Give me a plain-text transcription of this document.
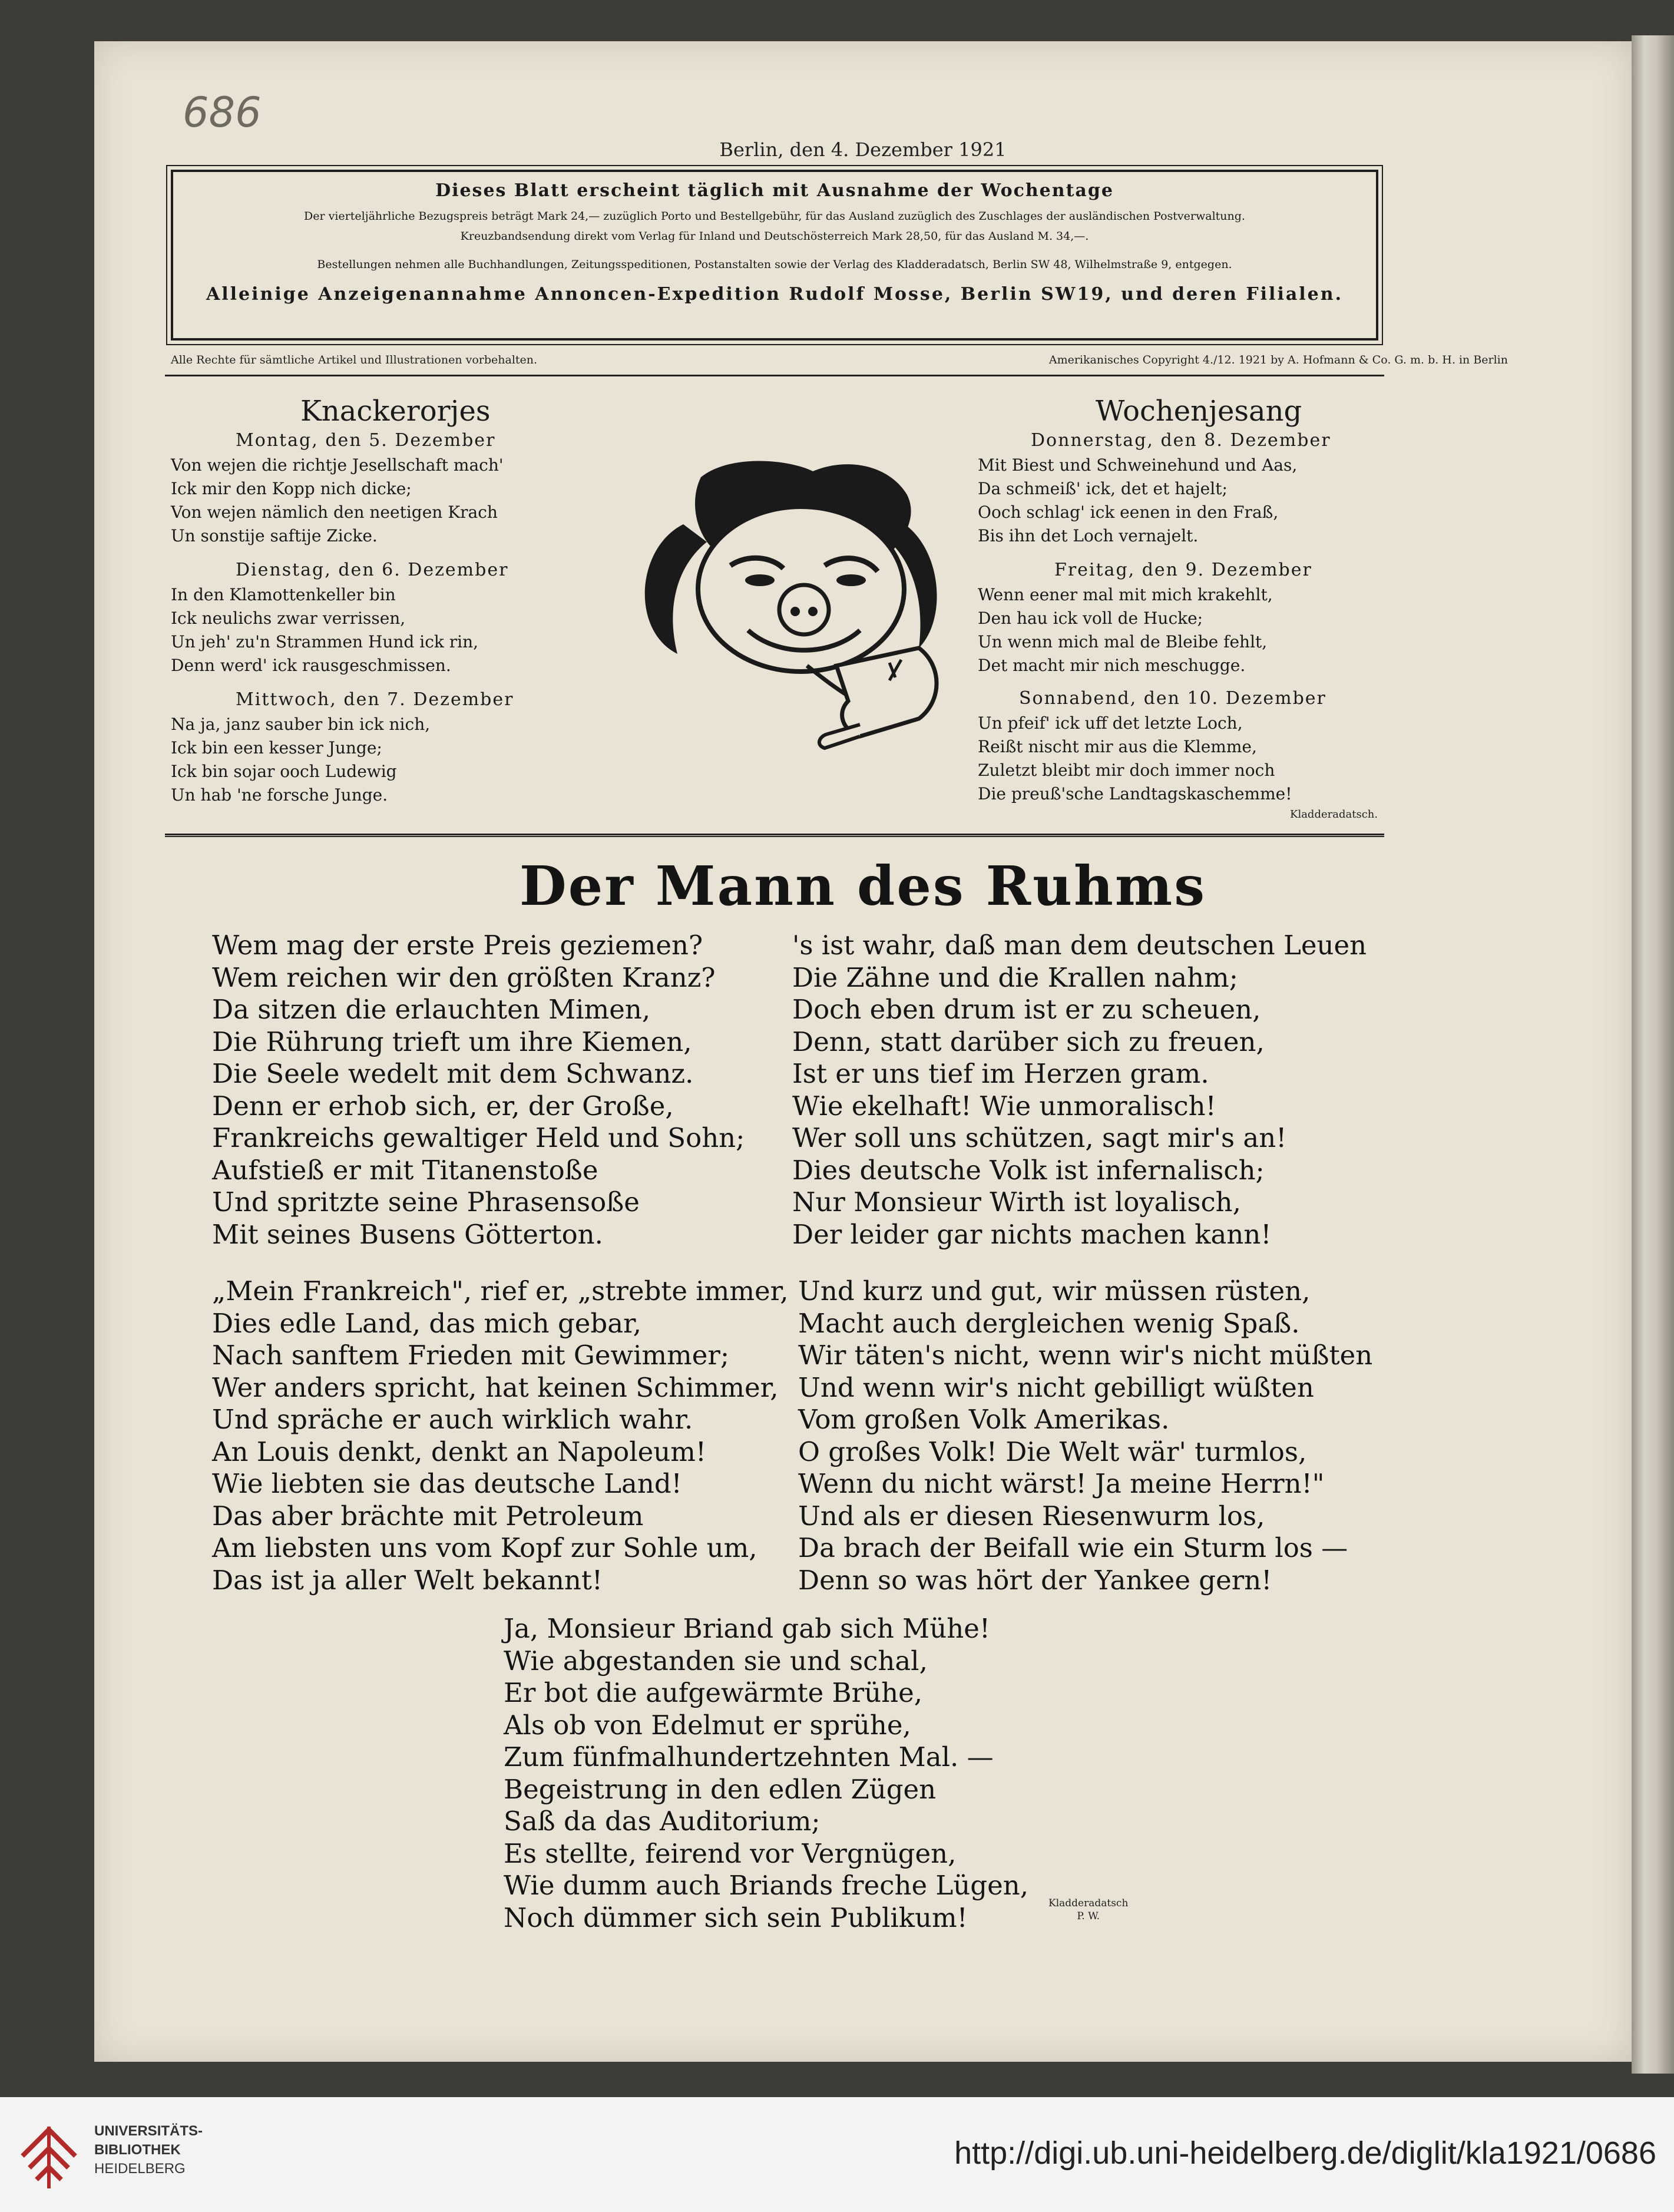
686
Berlin, den 4. Dezember 1921
Dieses Blatt erscheint täglich mit Ausnahme der Wochentage
Der vierteljährliche Bezugspreis beträgt Mark 24,— zuzüglich Porto und Bestellgebühr, für das Ausland zuzüglich des Zuschlages der ausländischen Postverwaltung.
Kreuzbandsendung direkt vom Verlag für Inland und Deutschösterreich Mark 28,50, für das Ausland M. 34,—.
Bestellungen nehmen alle Buchhandlungen, Zeitungsspeditionen, Postanstalten sowie der Verlag des Kladderadatsch, Berlin SW 48, Wilhelmstraße 9, entgegen.
Alleinige Anzeigenannahme Annoncen-Expedition Rudolf Mosse, Berlin SW19, und deren Filialen.
Alle Rechte für sämtliche Artikel und Illustrationen vorbehalten.	Amerikanisches Copyright 4./12. 1921 by A. Hofmann & Co. G. m. b. H. in Berlin
Knackerorjes
Montag, den 5. Dezember
Von wejen die richtje Jesellschaft mach'
Ick mir den Kopp nich dicke;
Von wejen nämlich den neetigen Krach
Un sonstije saftije Zicke.
Dienstag, den 6. Dezember
In den Klamottenkeller bin
Ick neulichs zwar verrissen,
Un jeh' zu'n Strammen Hund ick rin,
Denn werd' ick rausgeschmissen.
Mittwoch, den 7. Dezember
Na ja, janz sauber bin ick nich,
Ick bin een kesser Junge;
Ick bin sojar ooch Ludewig
Un hab 'ne forsche Junge.
Wochenjesang
Donnerstag, den 8. Dezember
Mit Biest und Schweinehund und Aas,
Da schmeiß' ick, det et hajelt;
Ooch schlag' ick eenen in den Fraß,
Bis ihn det Loch vernajelt.
Freitag, den 9. Dezember
Wenn eener mal mit mich krakehlt,
Den hau ick voll de Hucke;
Un wenn mich mal de Bleibe fehlt,
Det macht mir nich meschugge.
Sonnabend, den 10. Dezember
Un pfeif' ick uff det letzte Loch,
Reißt nischt mir aus die Klemme,
Zuletzt bleibt mir doch immer noch
Die preuß'sche Landtagskaschemme!
Kladderadatsch.
Der Mann des Ruhms
Wem mag der erste Preis geziemen?
Wem reichen wir den größten Kranz?
Da sitzen die erlauchten Mimen,
Die Rührung trieft um ihre Kiemen,
Die Seele wedelt mit dem Schwanz.
Denn er erhob sich, er, der Große,
Frankreichs gewaltiger Held und Sohn;
Aufstieß er mit Titanenstoße
Und spritzte seine Phrasensoße
Mit seines Busens Götterton.
's ist wahr, daß man dem deutschen Leuen
Die Zähne und die Krallen nahm;
Doch eben drum ist er zu scheuen,
Denn, statt darüber sich zu freuen,
Ist er uns tief im Herzen gram.
Wie ekelhaft! Wie unmoralisch!
Wer soll uns schützen, sagt mir's an!
Dies deutsche Volk ist infernalisch;
Nur Monsieur Wirth ist loyalisch,
Der leider gar nichts machen kann!
„Mein Frankreich", rief er, „strebte immer,
Dies edle Land, das mich gebar,
Nach sanftem Frieden mit Gewimmer;
Wer anders spricht, hat keinen Schimmer,
Und spräche er auch wirklich wahr.
An Louis denkt, denkt an Napoleum!
Wie liebten sie das deutsche Land!
Das aber brächte mit Petroleum
Am liebsten uns vom Kopf zur Sohle um,
Das ist ja aller Welt bekannt!
Und kurz und gut, wir müssen rüsten,
Macht auch dergleichen wenig Spaß.
Wir täten's nicht, wenn wir's nicht müßten
Und wenn wir's nicht gebilligt wüßten
Vom großen Volk Amerikas.
O großes Volk! Die Welt wär' turmlos,
Wenn du nicht wärst! Ja meine Herrn!"
Und als er diesen Riesenwurm los,
Da brach der Beifall wie ein Sturm los —
Denn so was hört der Yankee gern!
Ja, Monsieur Briand gab sich Mühe!
Wie abgestanden sie und schal,
Er bot die aufgewärmte Brühe,
Als ob von Edelmut er sprühe,
Zum fünfmalhundertzehnten Mal. —
Begeistrung in den edlen Zügen
Saß da das Auditorium;
Es stellte, feirend vor Vergnügen,
Wie dumm auch Briands freche Lügen,
Noch dümmer sich sein Publikum!	Kladderadatsch
P. W.
UNIVERSITÄTS-
BIBLIOTHEK
HEIDELBERG	http://digi.ub.uni-heidelberg.de/diglit/kla1921/0686
